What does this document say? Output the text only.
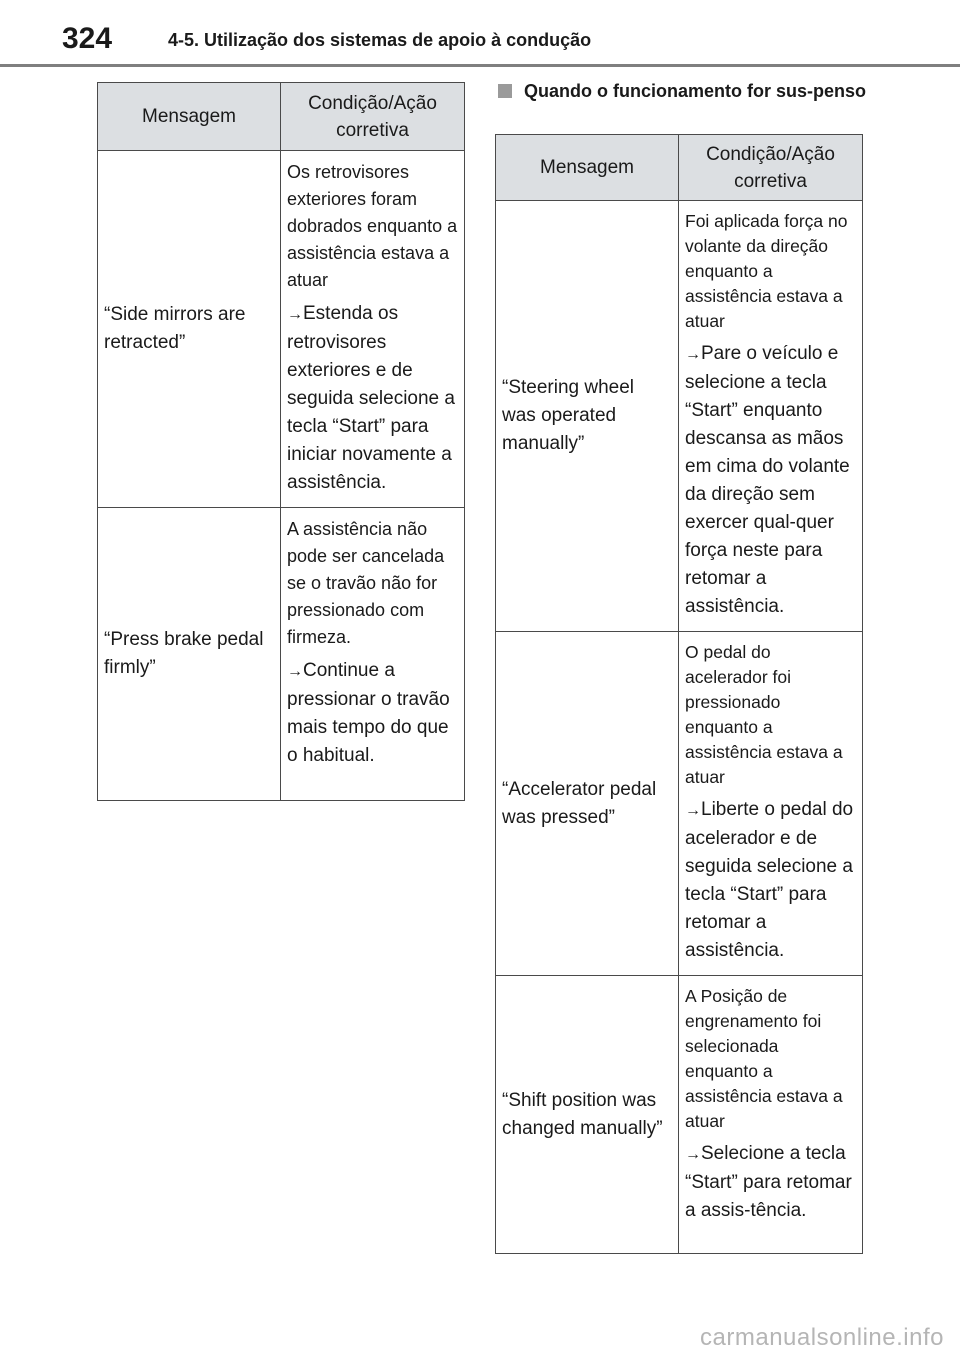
324	4-5. Utilização dos sistemas de apoio à condução
Mensagem	Condição/Ação corretiva
“Side mirrors are retracted”	Os retrovisores exteriores foram dobrados enquanto a assistência estava a atuar

→Estenda os retrovisores exteriores e de seguida selecione a tecla “Start” para iniciar novamente a assistência.

“Press brake pedal firmly”	A assistência não pode ser cancelada se o travão não for pressionado com firmeza.

→Continue a pressionar o travão mais tempo do que o habitual.

Quando o funcionamento for sus-penso
Mensagem	Condição/Ação corretiva
“Steering wheel was operated manually”	Foi aplicada força no volante da direção enquanto a assistência estava a atuar

→Pare o veículo e selecione a tecla “Start” enquanto descansa as mãos em cima do volante da direção sem exercer qual-quer força neste para retomar a assistência.

“Accelerator pedal was pressed”	O pedal do acelerador foi pressionado enquanto a assistência estava a atuar

→Liberte o pedal do acelerador e de seguida selecione a tecla “Start” para retomar a assistência.

“Shift position was changed manually”	A Posição de engrenamento foi selecionada enquanto a assistência estava a atuar

→Selecione a tecla “Start” para retomar a assis-tência.

carmanualsonline.info
